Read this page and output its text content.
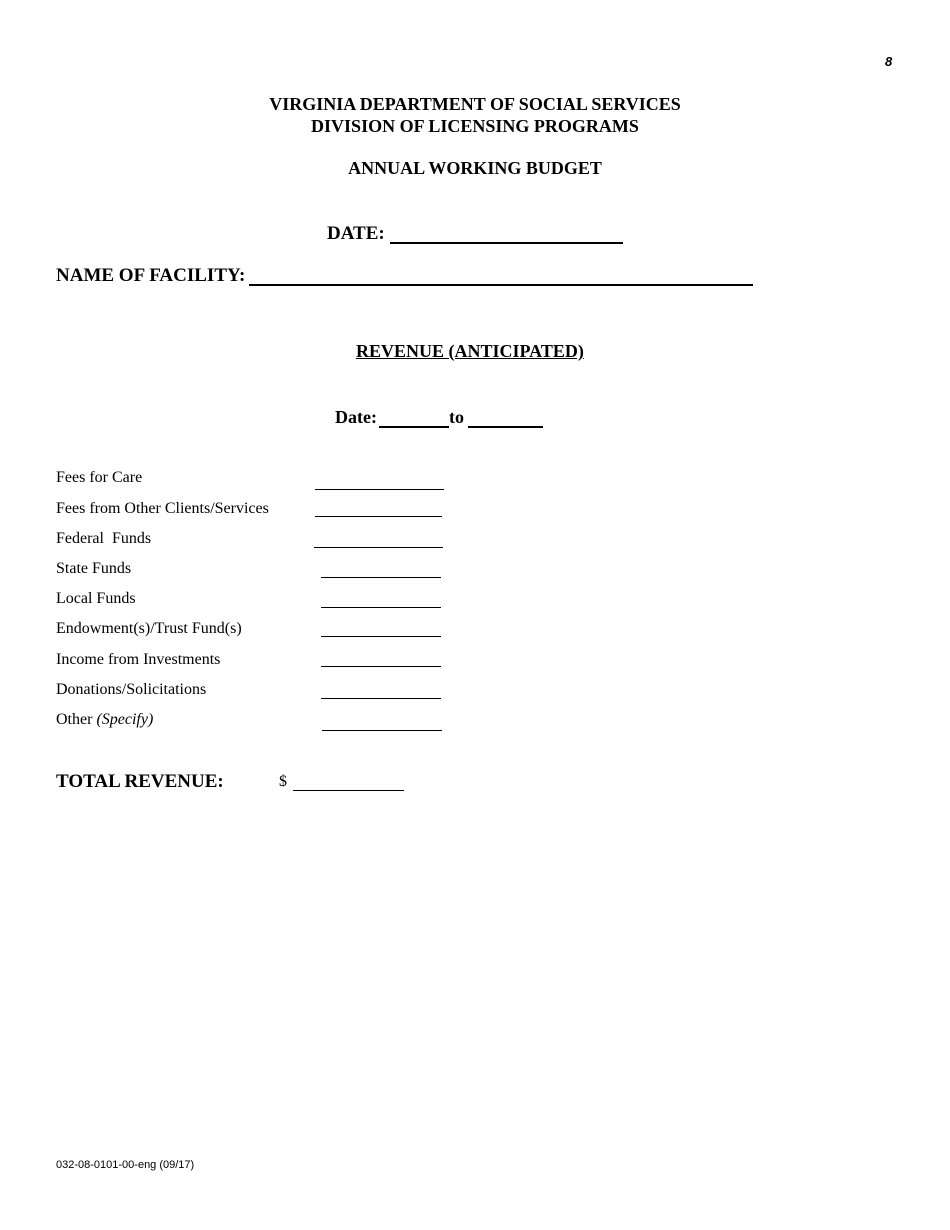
8
VIRGINIA DEPARTMENT OF SOCIAL SERVICES
DIVISION OF LICENSING PROGRAMS
ANNUAL WORKING BUDGET
DATE:
NAME OF FACILITY:
REVENUE (ANTICIPATED)
Date:	to
Fees for Care
Fees from Other Clients/Services
Federal  Funds
State Funds
Local Funds
Endowment(s)/Trust Fund(s)
Income from Investments
Donations/Solicitations
Other (Specify)
TOTAL REVENUE:	$
032-08-0101-00-eng (09/17)
